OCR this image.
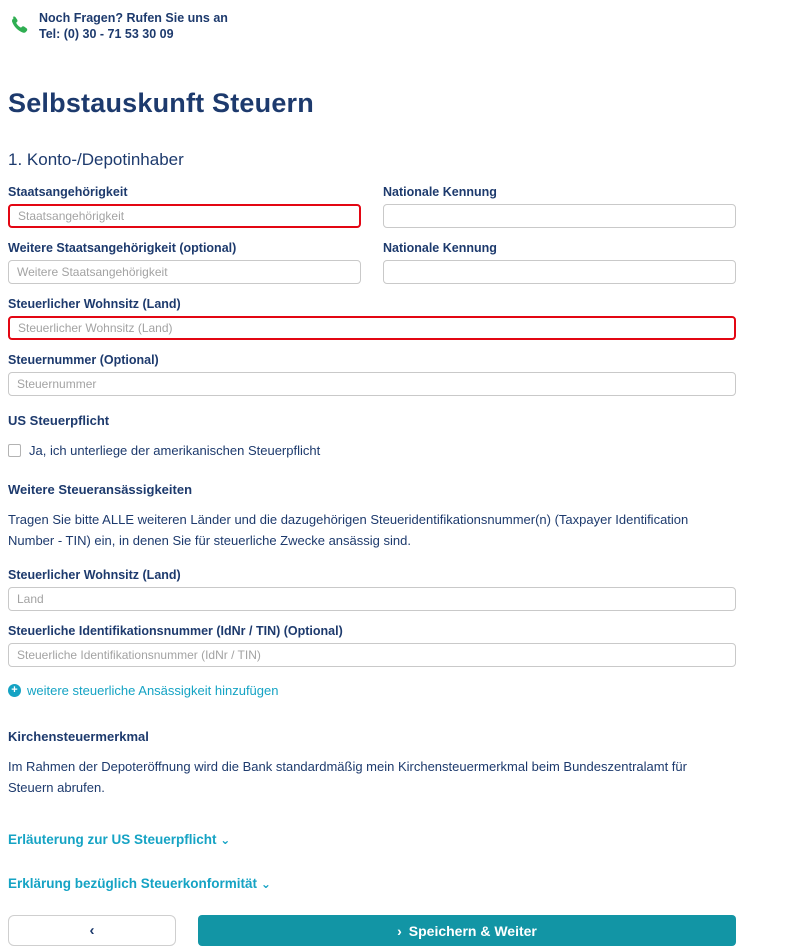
Noch Fragen? Rufen Sie uns an
Tel: (0) 30 - 71 53 30 09
Selbstauskunft Steuern
1. Konto-/Depotinhaber
Staatsangehörigkeit
Staatsangehörigkeit	Nationale Kennung
Weitere Staatsangehörigkeit (optional)
Weitere Staatsangehörigkeit	Nationale Kennung
Steuerlicher Wohnsitz (Land)
Steuerlicher Wohnsitz (Land)
Steuernummer (Optional)
Steuernummer
US Steuerpflicht
Ja, ich unterliege der amerikanischen Steuerpflicht
Weitere Steueransässigkeiten

Tragen Sie bitte ALLE weiteren Länder und die dazugehörigen Steueridentifikationsnummer(n) (Taxpayer Identification Number - TIN) ein, in denen Sie für steuerliche Zwecke ansässig sind.

Steuerlicher Wohnsitz (Land)
Land
Steuerliche Identifikationsnummer (IdNr / TIN) (Optional)
Steuerliche Identifikationsnummer (IdNr / TIN)
+ weitere steuerliche Ansässigkeit hinzufügen
Kirchensteuermerkmal

Im Rahmen der Depoteröffnung wird die Bank standardmäßig mein Kirchensteuermerkmal beim Bundeszentralamt für Steuern abrufen.

Erläuterung zur US Steuerpflicht ⌄
Erklärung bezüglich Steuerkonformität ⌄
‹	› Speichern & Weiter
